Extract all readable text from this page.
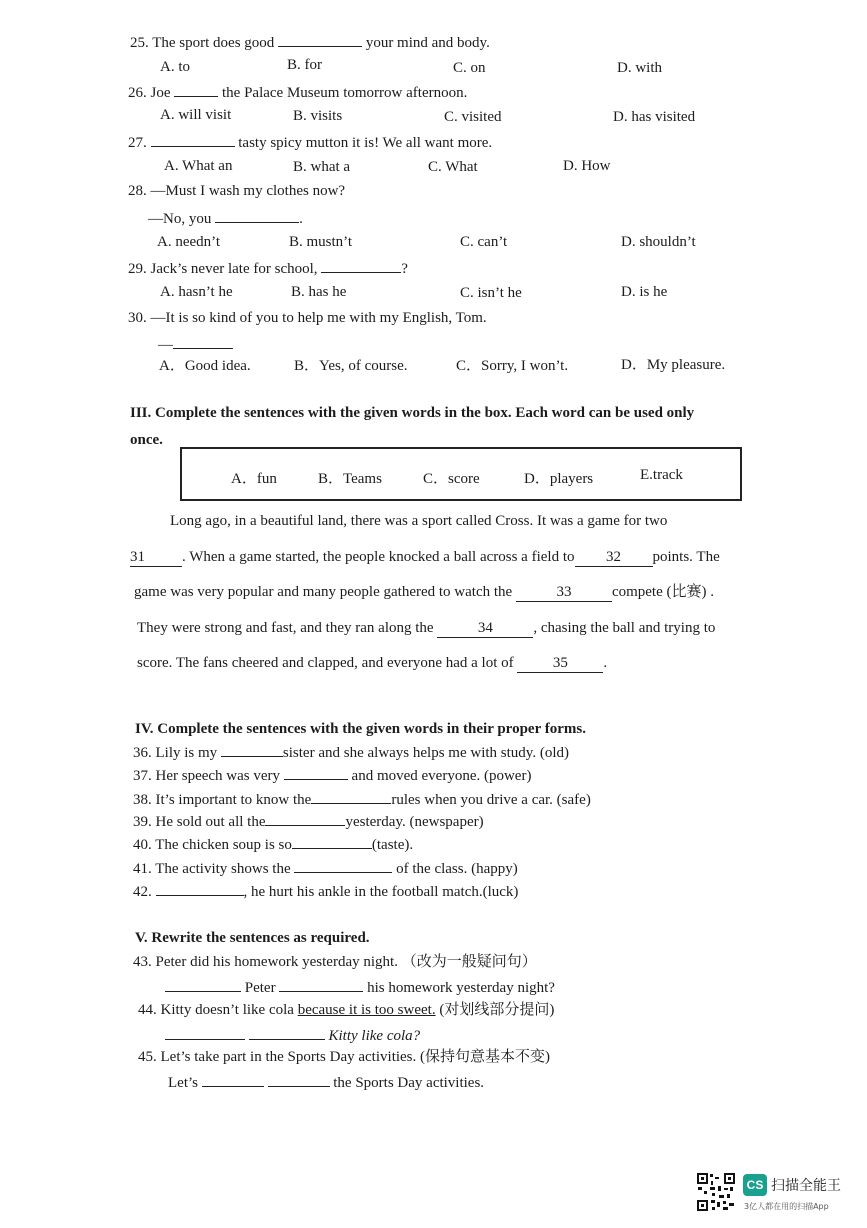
25. The sport does good	your mind and body.
A. to	B. for	C. on	D. with
26. Joe	the Palace Museum tomorrow afternoon.
A. will visit	B. visits	C. visited	D. has visited
27.	tasty spicy mutton it is! We all want more.
A. What an	B. what a	C. What	D. How
28. —Must I wash my clothes now?
—No, you	.
A. needn’t	B. mustn’t	C. can’t	D. shouldn’t
29. Jack’s never late for school,	?
A. hasn’t he	B. has he	C. isn’t he	D. is he
30. —It is so kind of you to help me with my English, Tom.
—
A．Good idea.	B．Yes, of course.	C．Sorry, I won’t.	D．My pleasure.
III. Complete the sentences with the given words in the box. Each word can be used only
once.
A．fun	B．Teams	C．score	D．players	E.track
Long ago, in a beautiful land, there was a sport called Cross. It was a game for two
31 . When a game started, the people knocked a ball across a field to 32 points. The
game was very popular and many people gathered to watch the	33	compete (比赛) .
They were strong and fast, and they ran along the	34	, chasing the ball and trying to
score. The fans cheered and clapped, and everyone had a lot of	35 .
IV. Complete the sentences with the given words in their proper forms.
36. Lily is my	sister and she always helps me with study. (old)
37. Her speech was very	and moved everyone. (power)
38. It’s important to know the	rules when you drive a car. (safe)
39. He sold out all the	yesterday. (newspaper)
40. The chicken soup is so	(taste).
41. The activity shows the	of the class. (happy)
42.	, he hurt his ankle in the football match.(luck)
V. Rewrite the sentences as required.
43. Peter did his homework yesterday night. （改为一般疑问句）
Peter	his homework yesterday night?
44. Kitty doesn’t like cola because it is too sweet. (对划线部分提问)
Kitty like cola?
45. Let’s take part in the Sports Day activities. (保持句意基本不变)
Let’s	the Sports Day activities.
CS 扫描全能王
3亿人都在用的扫描App
